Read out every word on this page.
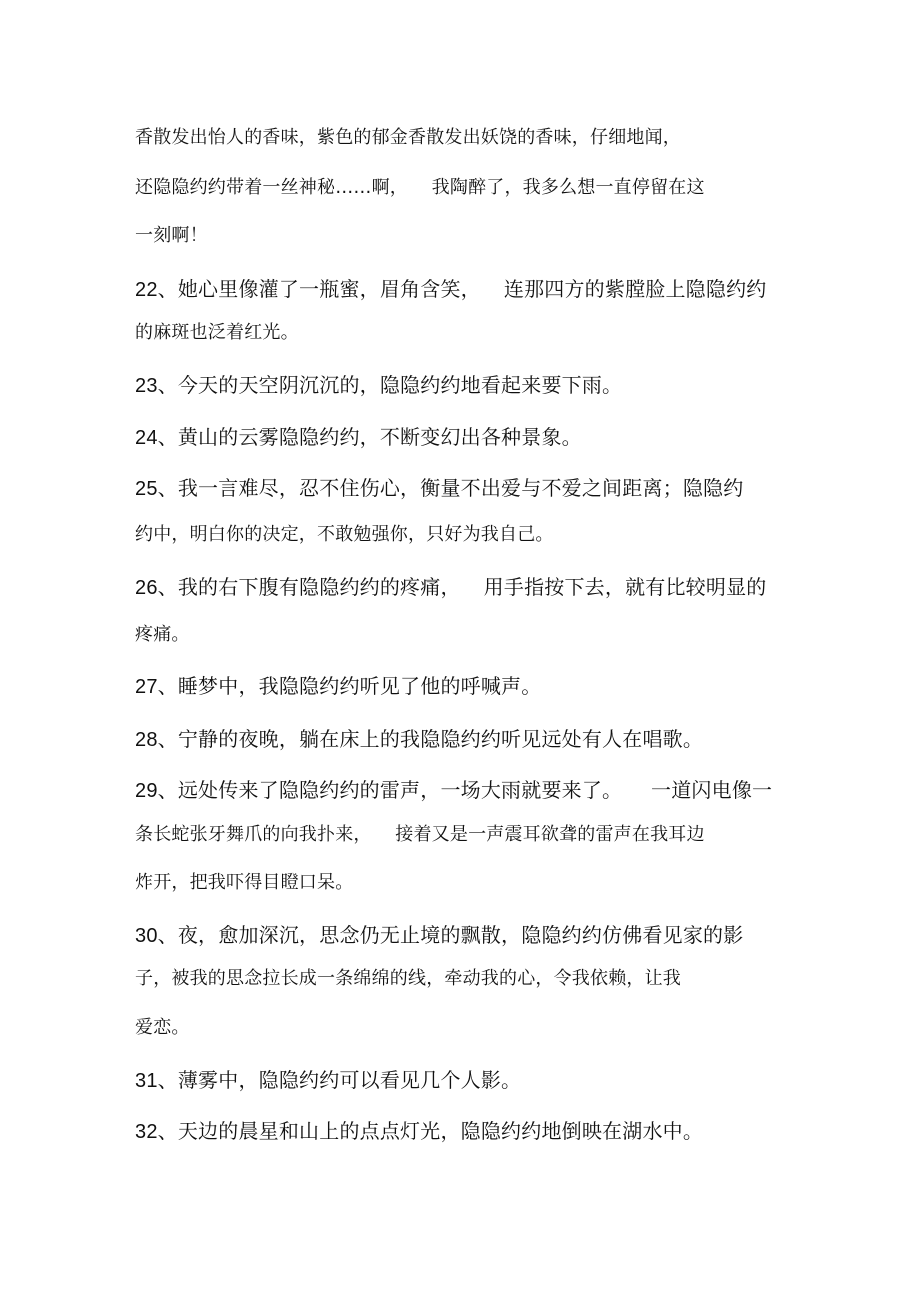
香散发出怡人的香味，紫色的郁金香散发出妖饶的香味，仔细地闻，
还隐隐约约带着一丝神秘……啊，    我陶醉了，我多么想一直停留在这
一刻啊！
22、她心里像灌了一瓶蜜，眉角含笑，    连那四方的紫膛脸上隐隐约约
的麻斑也泛着红光。
23、今天的天空阴沉沉的，隐隐约约地看起来要下雨。
24、黄山的云雾隐隐约约，不断变幻出各种景象。
25、我一言难尽，忍不住伤心，衡量不出爱与不爱之间距离；隐隐约
约中，明白你的决定，不敢勉强你，只好为我自己。
26、我的右下腹有隐隐约约的疼痛，    用手指按下去，就有比较明显的
疼痛。
27、睡梦中，我隐隐约约听见了他的呼喊声。
28、宁静的夜晚，躺在床上的我隐隐约约听见远处有人在唱歌。
29、远处传来了隐隐约约的雷声，一场大雨就要来了。     一道闪电像一
条长蛇张牙舞爪的向我扑来，    接着又是一声震耳欲聋的雷声在我耳边
炸开，把我吓得目瞪口呆。
30、夜，愈加深沉，思念仍无止境的飘散，隐隐约约仿佛看见家的影
子，被我的思念拉长成一条绵绵的线，牵动我的心，令我依赖，让我
爱恋。
31、薄雾中，隐隐约约可以看见几个人影。
32、天边的晨星和山上的点点灯光，隐隐约约地倒映在湖水中。
